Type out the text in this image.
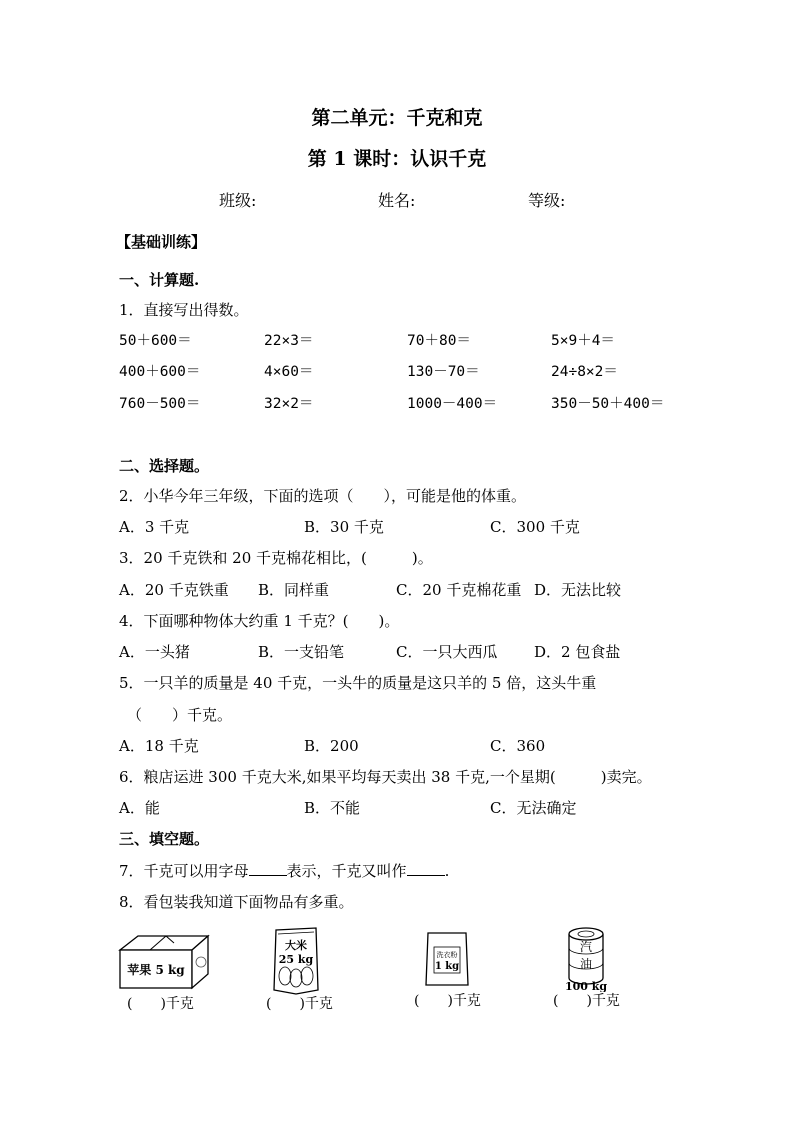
第二单元：千克和克
第 1 课时：认识千克
班级:	姓名:	等级:
【基础训练】
一、计算题.
1．直接写出得数。
50＋600＝	22×3＝	70＋80＝	5×9＋4＝
400＋600＝	4×60＝	130－70＝	24÷8×2＝
760－500＝	32×2＝	1000－400＝	350－50＋400＝
二、选择题。
2．小华今年三年级，下面的选项（　　），可能是他的体重。
A．3 千克	B．30 千克	C．300 千克
3．20 千克铁和 20 千克棉花相比，(　　　)。
A．20 千克铁重 B．同样重	C．20 千克棉花重 D．无法比较
4．下面哪种物体大约重 1 千克？(　　)。
A．一头猪	B．一支铅笔	C．一只大西瓜 D．2 包食盐
5．一只羊的质量是 40 千克，一头牛的质量是这只羊的 5 倍，这头牛重
（　　）千克。
A．18 千克	B．200	C．360
6．粮店运进 300 千克大米,如果平均每天卖出 38 千克,一个星期(　　　)卖完。
A．能	B．不能	C．无法确定
三、填空题。
7．千克可以用字母	表示，千克又叫作	.
8．看包装我知道下面物品有多重。
苹果 5 kg
(　　)千克
大米
25 kg
(　　)千克
洗衣粉
1 kg
(　　)千克
汽
油
100 kg
(　　)千克
